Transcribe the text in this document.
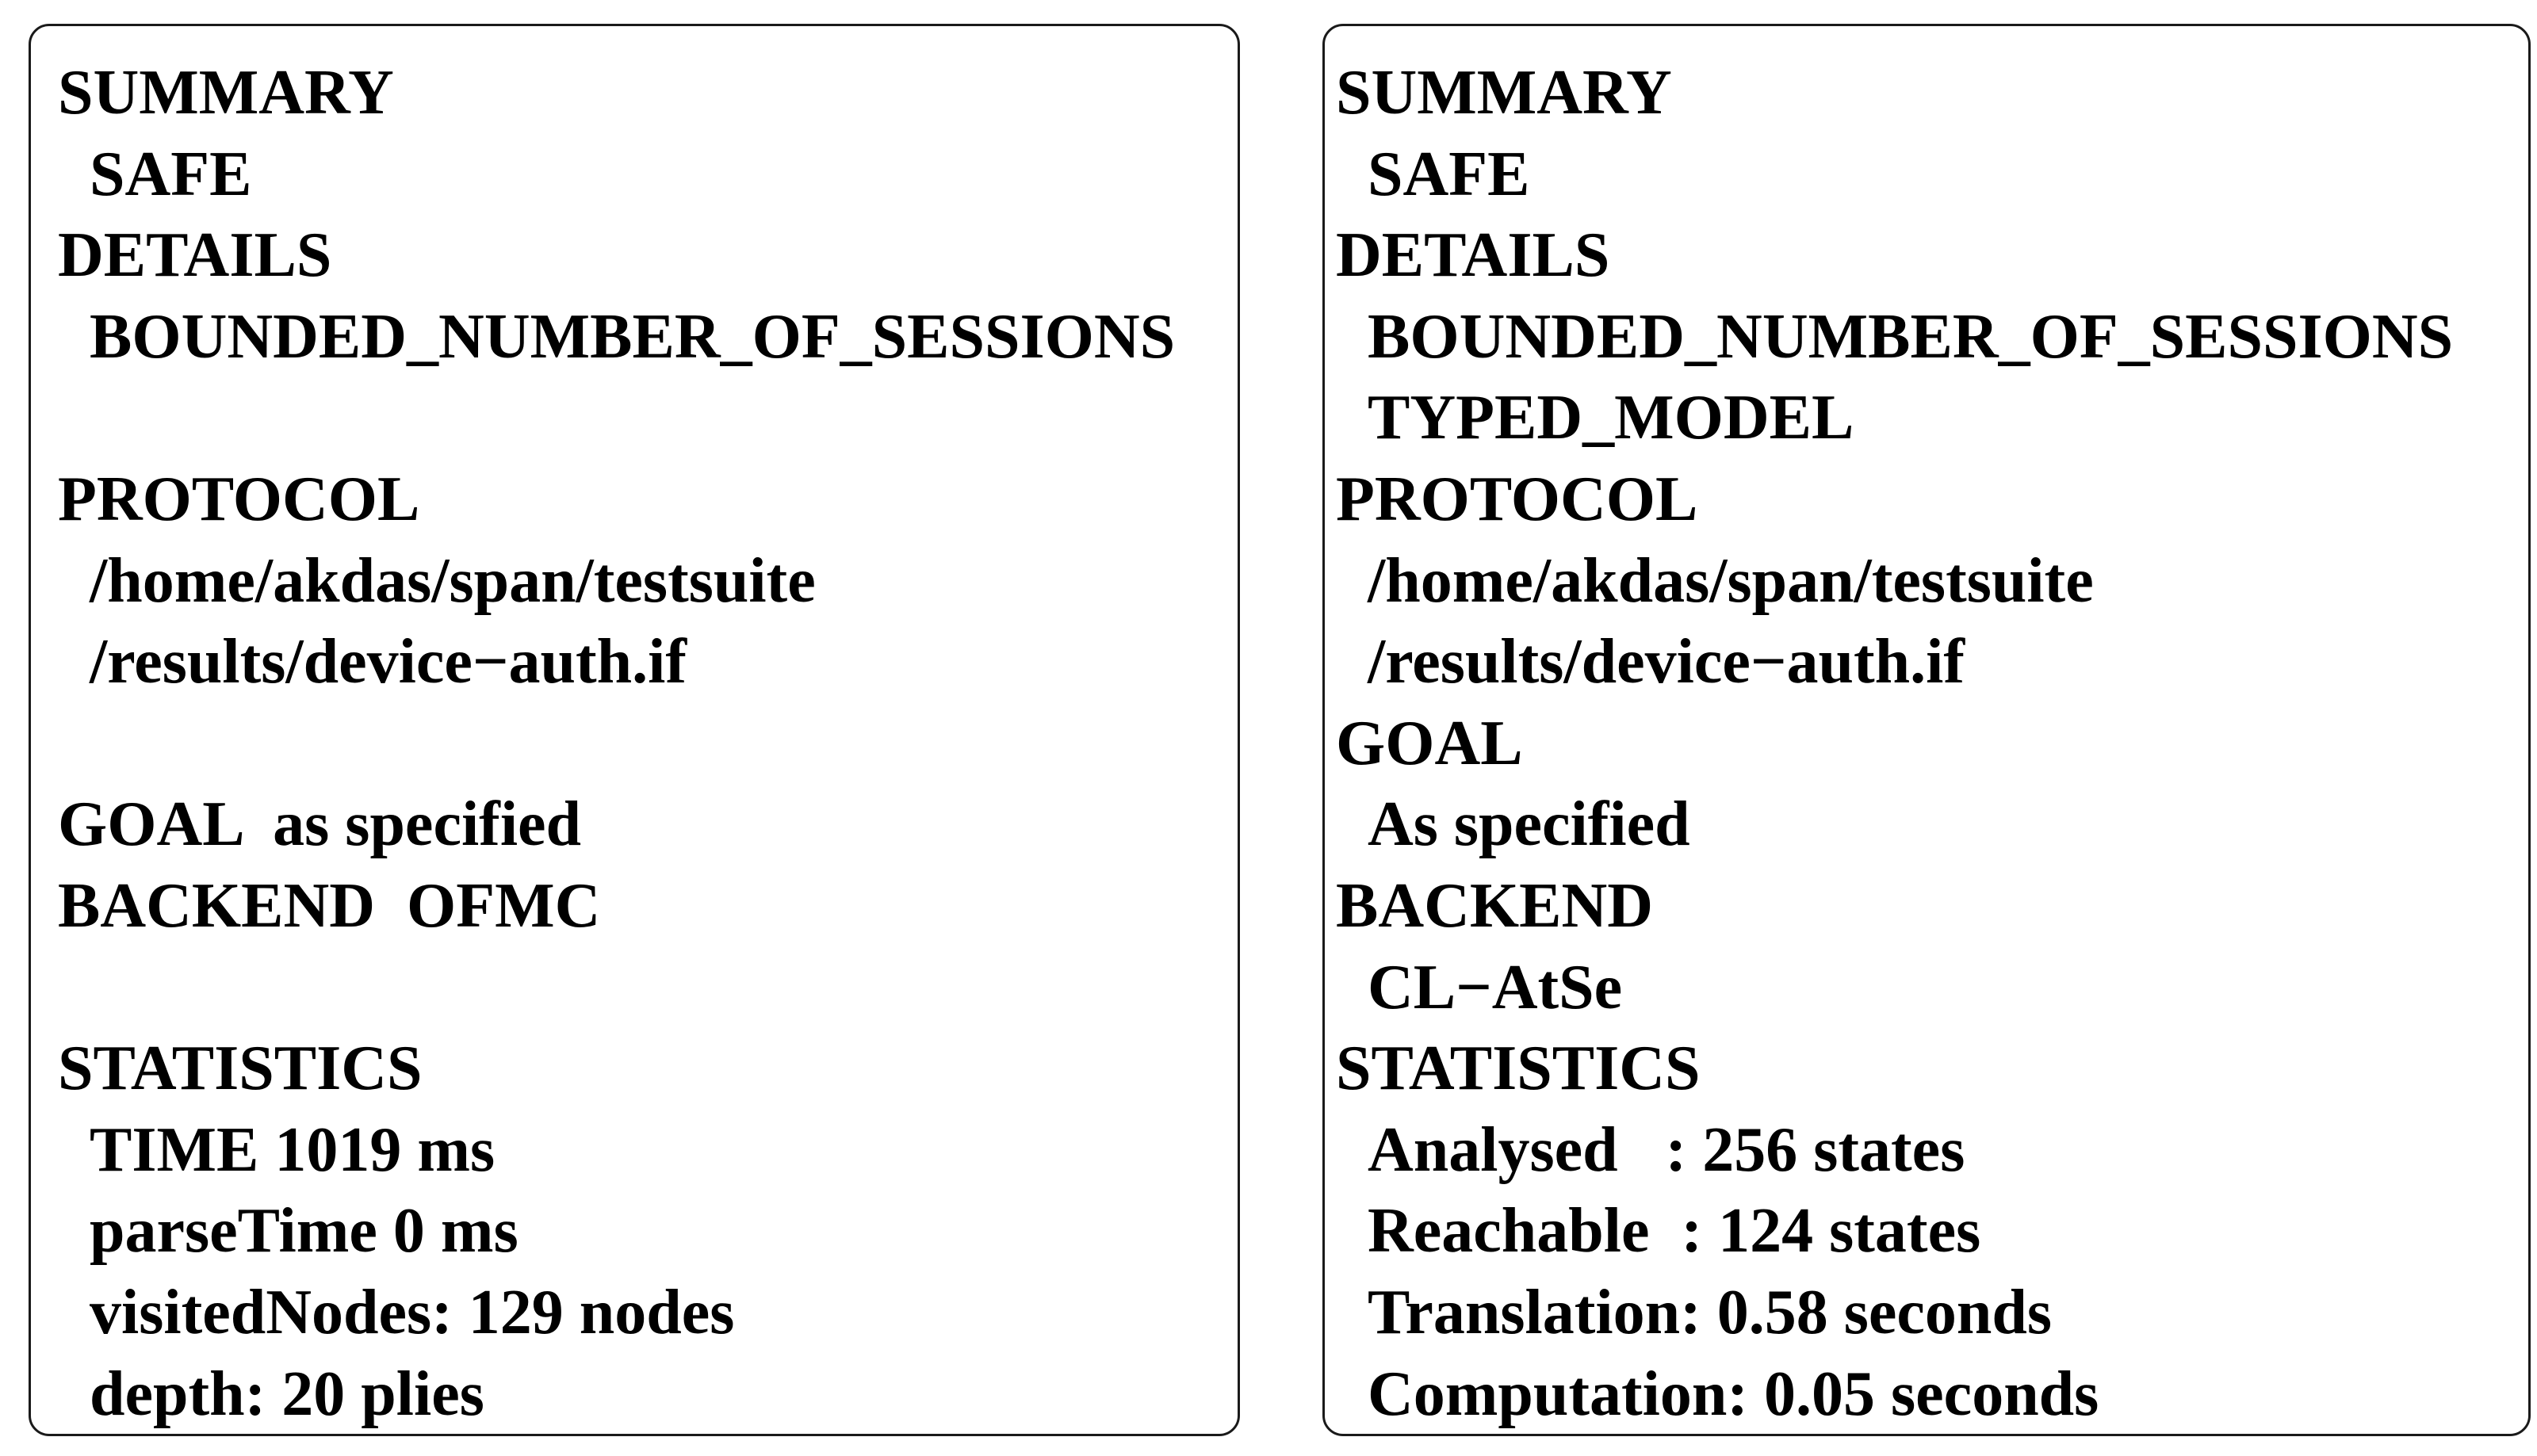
SUMMARY
SAFE
DETAILS
BOUNDED_NUMBER_OF_SESSIONS
PROTOCOL
/home/akdas/span/testsuite
/results/device−auth.if
GOAL  as specified
BACKEND  OFMC
STATISTICS
TIME 1019 ms
parseTime 0 ms
visitedNodes: 129 nodes
depth: 20 plies
SUMMARY
SAFE
DETAILS
BOUNDED_NUMBER_OF_SESSIONS
TYPED_MODEL
PROTOCOL
/home/akdas/span/testsuite
/results/device−auth.if
GOAL
As specified
BACKEND
CL−AtSe
STATISTICS
Analysed   : 256 states
Reachable  : 124 states
Translation: 0.58 seconds
Computation: 0.05 seconds
